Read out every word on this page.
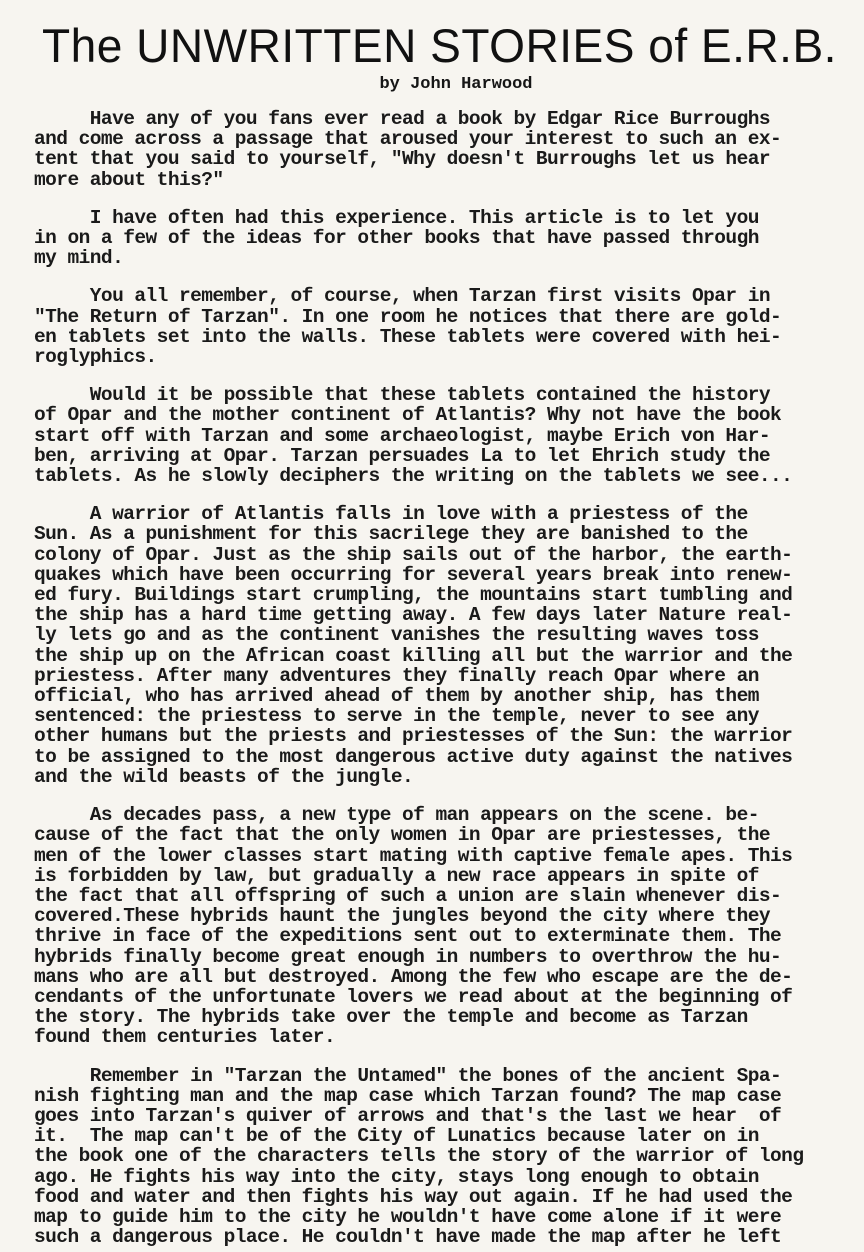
The UNWRITTEN STORIES of E.R.B.
by John Harwood

Have any of you fans ever read a book by Edgar Rice Burroughs
and come across a passage that aroused your interest to such an ex-
tent that you said to yourself, "Why doesn't Burroughs let us hear
more about this?"

I have often had this experience. This article is to let you
in on a few of the ideas for other books that have passed through
my mind.

You all remember, of course, when Tarzan first visits Opar in
"The Return of Tarzan". In one room he notices that there are gold-
en tablets set into the walls. These tablets were covered with hei-
roglyphics.

Would it be possible that these tablets contained the history
of Opar and the mother continent of Atlantis? Why not have the book
start off with Tarzan and some archaeologist, maybe Erich von Har-
ben, arriving at Opar. Tarzan persuades La to let Ehrich study the
tablets. As he slowly deciphers the writing on the tablets we see...

A warrior of Atlantis falls in love with a priestess of the
Sun. As a punishment for this sacrilege they are banished to the
colony of Opar. Just as the ship sails out of the harbor, the earth-
quakes which have been occurring for several years break into renew-
ed fury. Buildings start crumpling, the mountains start tumbling and
the ship has a hard time getting away. A few days later Nature real-
ly lets go and as the continent vanishes the resulting waves toss
the ship up on the African coast killing all but the warrior and the
priestess. After many adventures they finally reach Opar where an
official, who has arrived ahead of them by another ship, has them
sentenced: the priestess to serve in the temple, never to see any
other humans but the priests and priestesses of the Sun: the warrior
to be assigned to the most dangerous active duty against the natives
and the wild beasts of the jungle.

As decades pass, a new type of man appears on the scene. be-
cause of the fact that the only women in Opar are priestesses, the
men of the lower classes start mating with captive female apes. This
is forbidden by law, but gradually a new race appears in spite of
the fact that all offspring of such a union are slain whenever dis-
covered.These hybrids haunt the jungles beyond the city where they
thrive in face of the expeditions sent out to exterminate them. The
hybrids finally become great enough in numbers to overthrow the hu-
mans who are all but destroyed. Among the few who escape are the de-
cendants of the unfortunate lovers we read about at the beginning of
the story. The hybrids take over the temple and become as Tarzan
found them centuries later.

Remember in "Tarzan the Untamed" the bones of the ancient Spa-
nish fighting man and the map case which Tarzan found? The map case
goes into Tarzan's quiver of arrows and that's the last we hear  of
it.  The map can't be of the City of Lunatics because later on in
the book one of the characters tells the story of the warrior of long
ago. He fights his way into the city, stays long enough to obtain
food and water and then fights his way out again. If he had used the
map to guide him to the city he wouldn't have come alone if it were
such a dangerous place. He couldn't have made the map after he left
